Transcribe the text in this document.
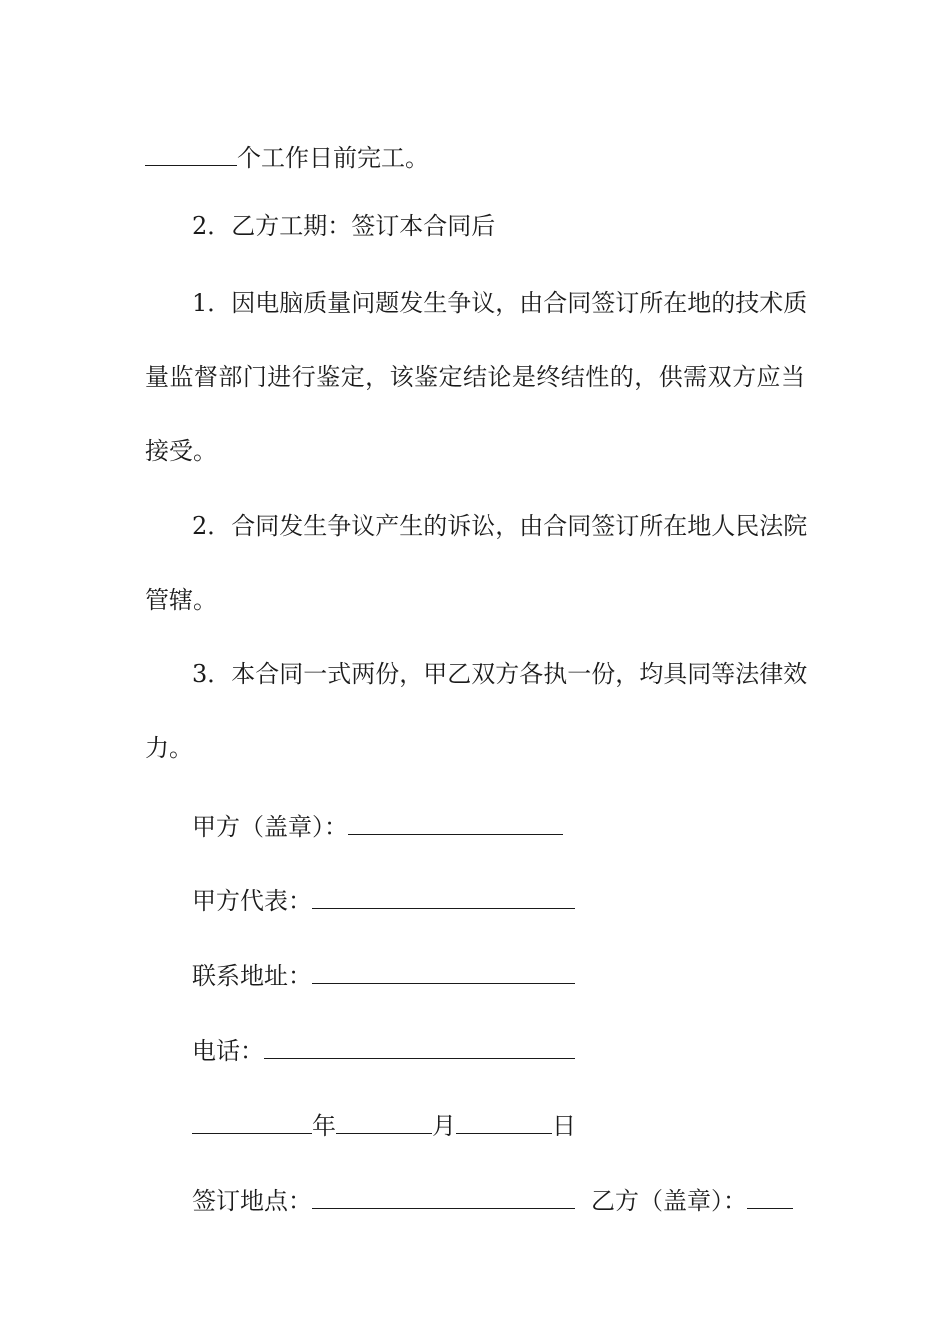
个工作日前完工。
2．乙方工期：签订本合同后
1．因电脑质量问题发生争议，由合同签订所在地的技术质
量监督部门进行鉴定，该鉴定结论是终结性的，供需双方应当
接受。
2．合同发生争议产生的诉讼，由合同签订所在地人民法院
管辖。
3．本合同一式两份，甲乙双方各执一份，均具同等法律效
力。
甲方（盖章）：
甲方代表：
联系地址：
电话：
年	月	日
签订地点：	乙方（盖章）：
